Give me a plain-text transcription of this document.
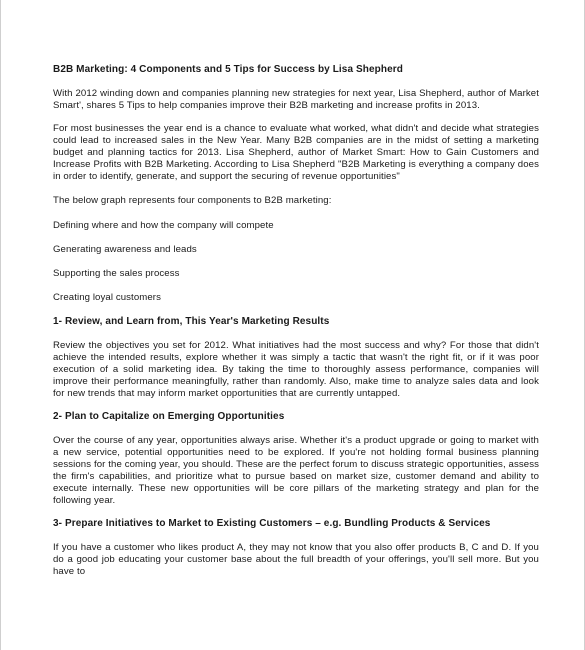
B2B Marketing: 4 Components and 5 Tips for Success by Lisa Shepherd
With 2012 winding down and companies planning new strategies for next year, Lisa Shepherd, author of Market Smart', shares 5 Tips to help companies improve their B2B marketing and increase profits in 2013.
For most businesses the year end is a chance to evaluate what worked, what didn't and decide what strategies could lead to increased sales in the New Year. Many B2B companies are in the midst of setting a marketing budget and planning tactics for 2013. Lisa Shepherd, author of Market Smart: How to Gain Customers and Increase Profits with B2B Marketing. According to Lisa Shepherd "B2B Marketing is everything a company does in order to identify, generate, and support the securing of revenue opportunities"
The below graph represents four components to B2B marketing:
Defining where and how the company will compete
Generating awareness and leads
Supporting the sales process
Creating loyal customers
1- Review, and Learn from, This Year's Marketing Results
Review the objectives you set for 2012. What initiatives had the most success and why? For those that didn't achieve the intended results, explore whether it was simply a tactic that wasn't the right fit, or if it was poor execution of a solid marketing idea. By taking the time to thoroughly assess performance, companies will improve their performance meaningfully, rather than randomly. Also, make time to analyze sales data and look for new trends that may inform market opportunities that are currently untapped.
2- Plan to Capitalize on Emerging Opportunities
Over the course of any year, opportunities always arise. Whether it's a product upgrade or going to market with a new service, potential opportunities need to be explored. If you're not holding formal business planning sessions for the coming year, you should. These are the perfect forum to discuss strategic opportunities, assess the firm's capabilities, and prioritize what to pursue based on market size, customer demand and ability to execute internally. These new opportunities will be core pillars of the marketing strategy and plan for the following year.
3- Prepare Initiatives to Market to Existing Customers – e.g. Bundling Products & Services
If you have a customer who likes product A, they may not know that you also offer products B, C and D. If you do a good job educating your customer base about the full breadth of your offerings, you'll sell more. But you have to
